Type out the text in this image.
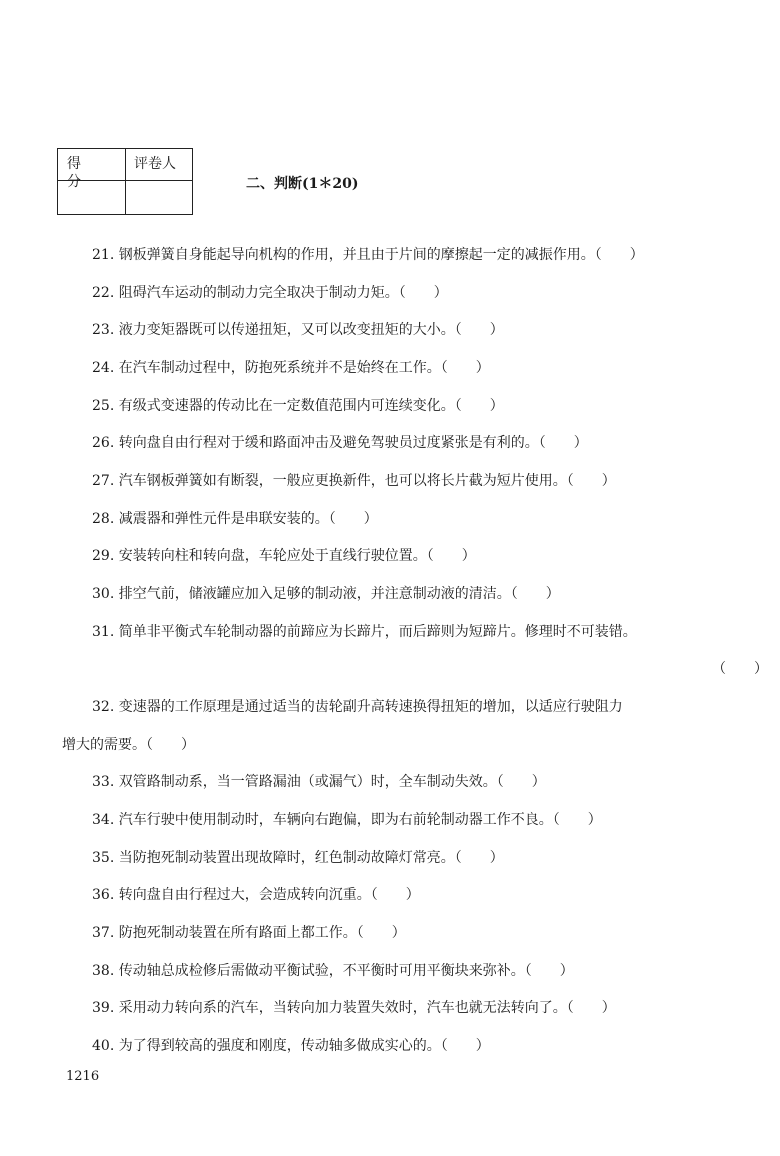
得分
评卷人
二、判断(1＊20)
21. 钢板弹簧自身能起导向机构的作用，并且由于片间的摩擦起一定的减振作用。（　　）
22. 阻碍汽车运动的制动力完全取决于制动力矩。（　　）
23. 液力变矩器既可以传递扭矩，又可以改变扭矩的大小。（　　）
24. 在汽车制动过程中，防抱死系统并不是始终在工作。（　　）
25. 有级式变速器的传动比在一定数值范围内可连续变化。（　　）
26. 转向盘自由行程对于缓和路面冲击及避免驾驶员过度紧张是有利的。（　　）
27. 汽车钢板弹簧如有断裂，一般应更换新件，也可以将长片截为短片使用。（　　）
28. 减震器和弹性元件是串联安装的。（　　）
29. 安装转向柱和转向盘，车轮应处于直线行驶位置。（　　）
30. 排空气前，储液罐应加入足够的制动液，并注意制动液的清洁。（　　）
31. 简单非平衡式车轮制动器的前蹄应为长蹄片，而后蹄则为短蹄片。修理时不可装错。
（　　）
32. 变速器的工作原理是通过适当的齿轮副升高转速换得扭矩的增加，以适应行驶阻力
增大的需要。（　　）
33. 双管路制动系，当一管路漏油（或漏气）时，全车制动失效。（　　）
34. 汽车行驶中使用制动时，车辆向右跑偏，即为右前轮制动器工作不良。（　　）
35. 当防抱死制动装置出现故障时，红色制动故障灯常亮。（　　）
36. 转向盘自由行程过大，会造成转向沉重。（　　）
37. 防抱死制动装置在所有路面上都工作。（　　）
38. 传动轴总成检修后需做动平衡试验，不平衡时可用平衡块来弥补。（　　）
39. 采用动力转向系的汽车，当转向加力装置失效时，汽车也就无法转向了。（　　）
40. 为了得到较高的强度和刚度，传动轴多做成实心的。（　　）
1216
